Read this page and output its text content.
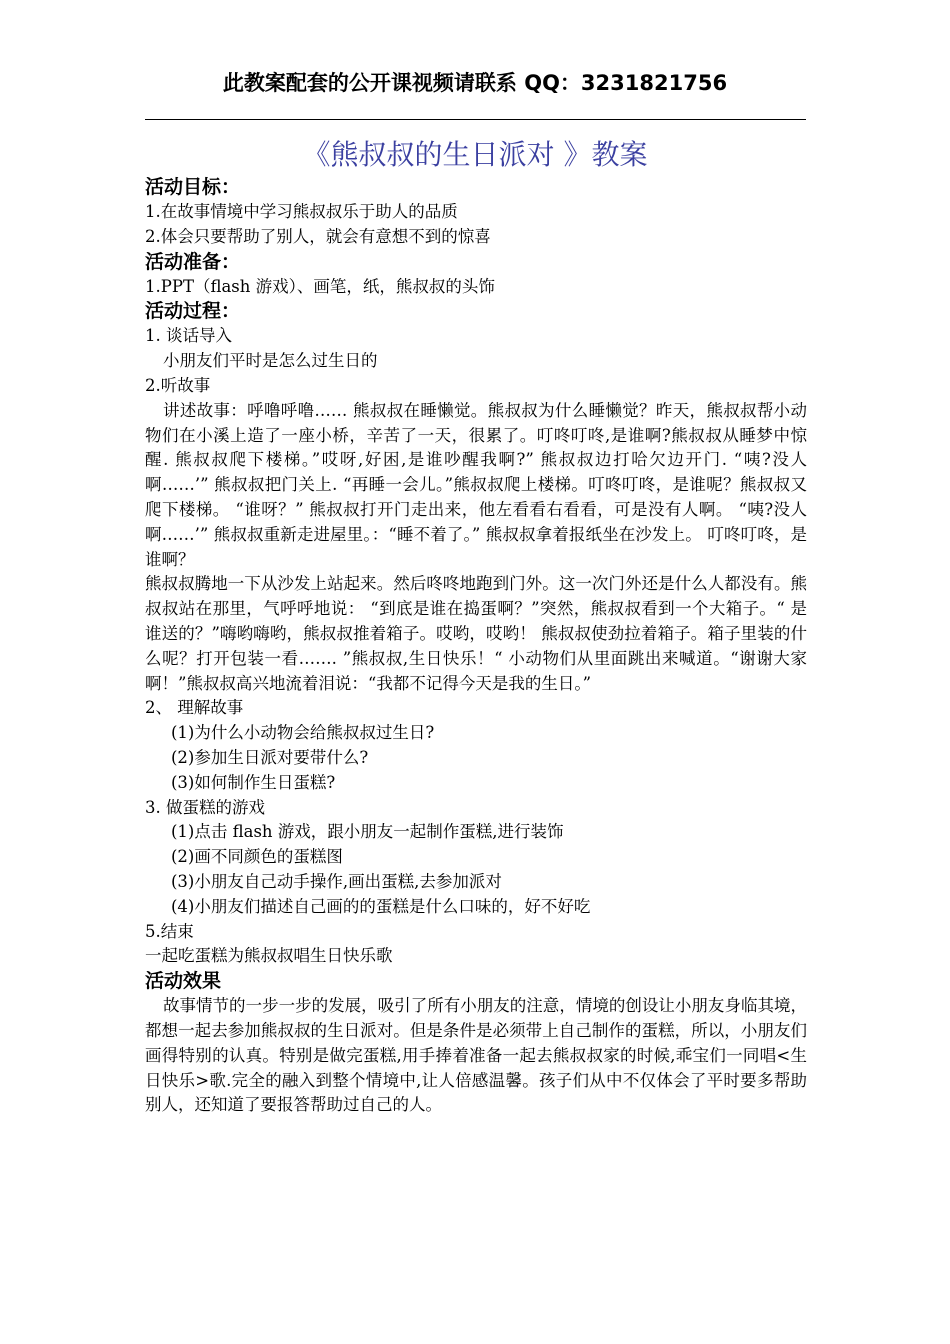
此教案配套的公开课视频请联系 QQ：3231821756
《熊叔叔的生日派对 》教案
活动目标：

1.在故事情境中学习熊叔叔乐于助人的品质

2.体会只要帮助了别人，就会有意想不到的惊喜

活动准备：

1.PPT（flash 游戏）、画笔，纸，熊叔叔的头饰

活动过程：

1. 谈话导入

小朋友们平时是怎么过生日的

2.听故事

讲述故事：呼噜呼噜…… 熊叔叔在睡懒觉。熊叔叔为什么睡懒觉？昨天，熊叔叔帮小动物们在小溪上造了一座小桥，辛苦了一天，很累了。叮咚叮咚,是谁啊?熊叔叔从睡梦中惊醒. 熊叔叔爬下楼梯。”哎呀,好困,是谁吵醒我啊?” 熊叔叔边打哈欠边开门. “咦?没人啊……’” 熊叔叔把门关上. “再睡一会儿。”熊叔叔爬上楼梯。叮咚叮咚，是谁呢？熊叔叔又爬下楼梯。 “谁呀？” 熊叔叔打开门走出来，他左看看右看看，可是没有人啊。 “咦?没人啊……’” 熊叔叔重新走进屋里。：“睡不着了。” 熊叔叔拿着报纸坐在沙发上。 叮咚叮咚，是谁啊？

熊叔叔腾地一下从沙发上站起来。然后咚咚地跑到门外。这一次门外还是什么人都没有。熊叔叔站在那里，气呼呼地说： “到底是谁在捣蛋啊？”突然，熊叔叔看到一个大箱子。“ 是谁送的？”嗨哟嗨哟，熊叔叔推着箱子。哎哟，哎哟！ 熊叔叔使劲拉着箱子。箱子里装的什么呢？打开包装一看……. ”熊叔叔,生日快乐！“ 小动物们从里面跳出来喊道。“谢谢大家啊！”熊叔叔高兴地流着泪说：“我都不记得今天是我的生日。”

2、 理解故事

(1)为什么小动物会给熊叔叔过生日?

(2)参加生日派对要带什么?

(3)如何制作生日蛋糕?

3. 做蛋糕的游戏

(1)点击 flash 游戏，跟小朋友一起制作蛋糕,进行装饰

(2)画不同颜色的蛋糕图

(3)小朋友自己动手操作,画出蛋糕,去参加派对

(4)小朋友们描述自己画的的蛋糕是什么口味的，好不好吃

5.结束

一起吃蛋糕为熊叔叔唱生日快乐歌

活动效果

故事情节的一步一步的发展，吸引了所有小朋友的注意，情境的创设让小朋友身临其境，都想一起去参加熊叔叔的生日派对。但是条件是必须带上自己制作的蛋糕，所以，小朋友们画得特别的认真。特别是做完蛋糕,用手捧着准备一起去熊叔叔家的时候,乖宝们一同唱<生日快乐>歌.完全的融入到整个情境中,让人倍感温馨。孩子们从中不仅体会了平时要多帮助别人，还知道了要报答帮助过自己的人。
